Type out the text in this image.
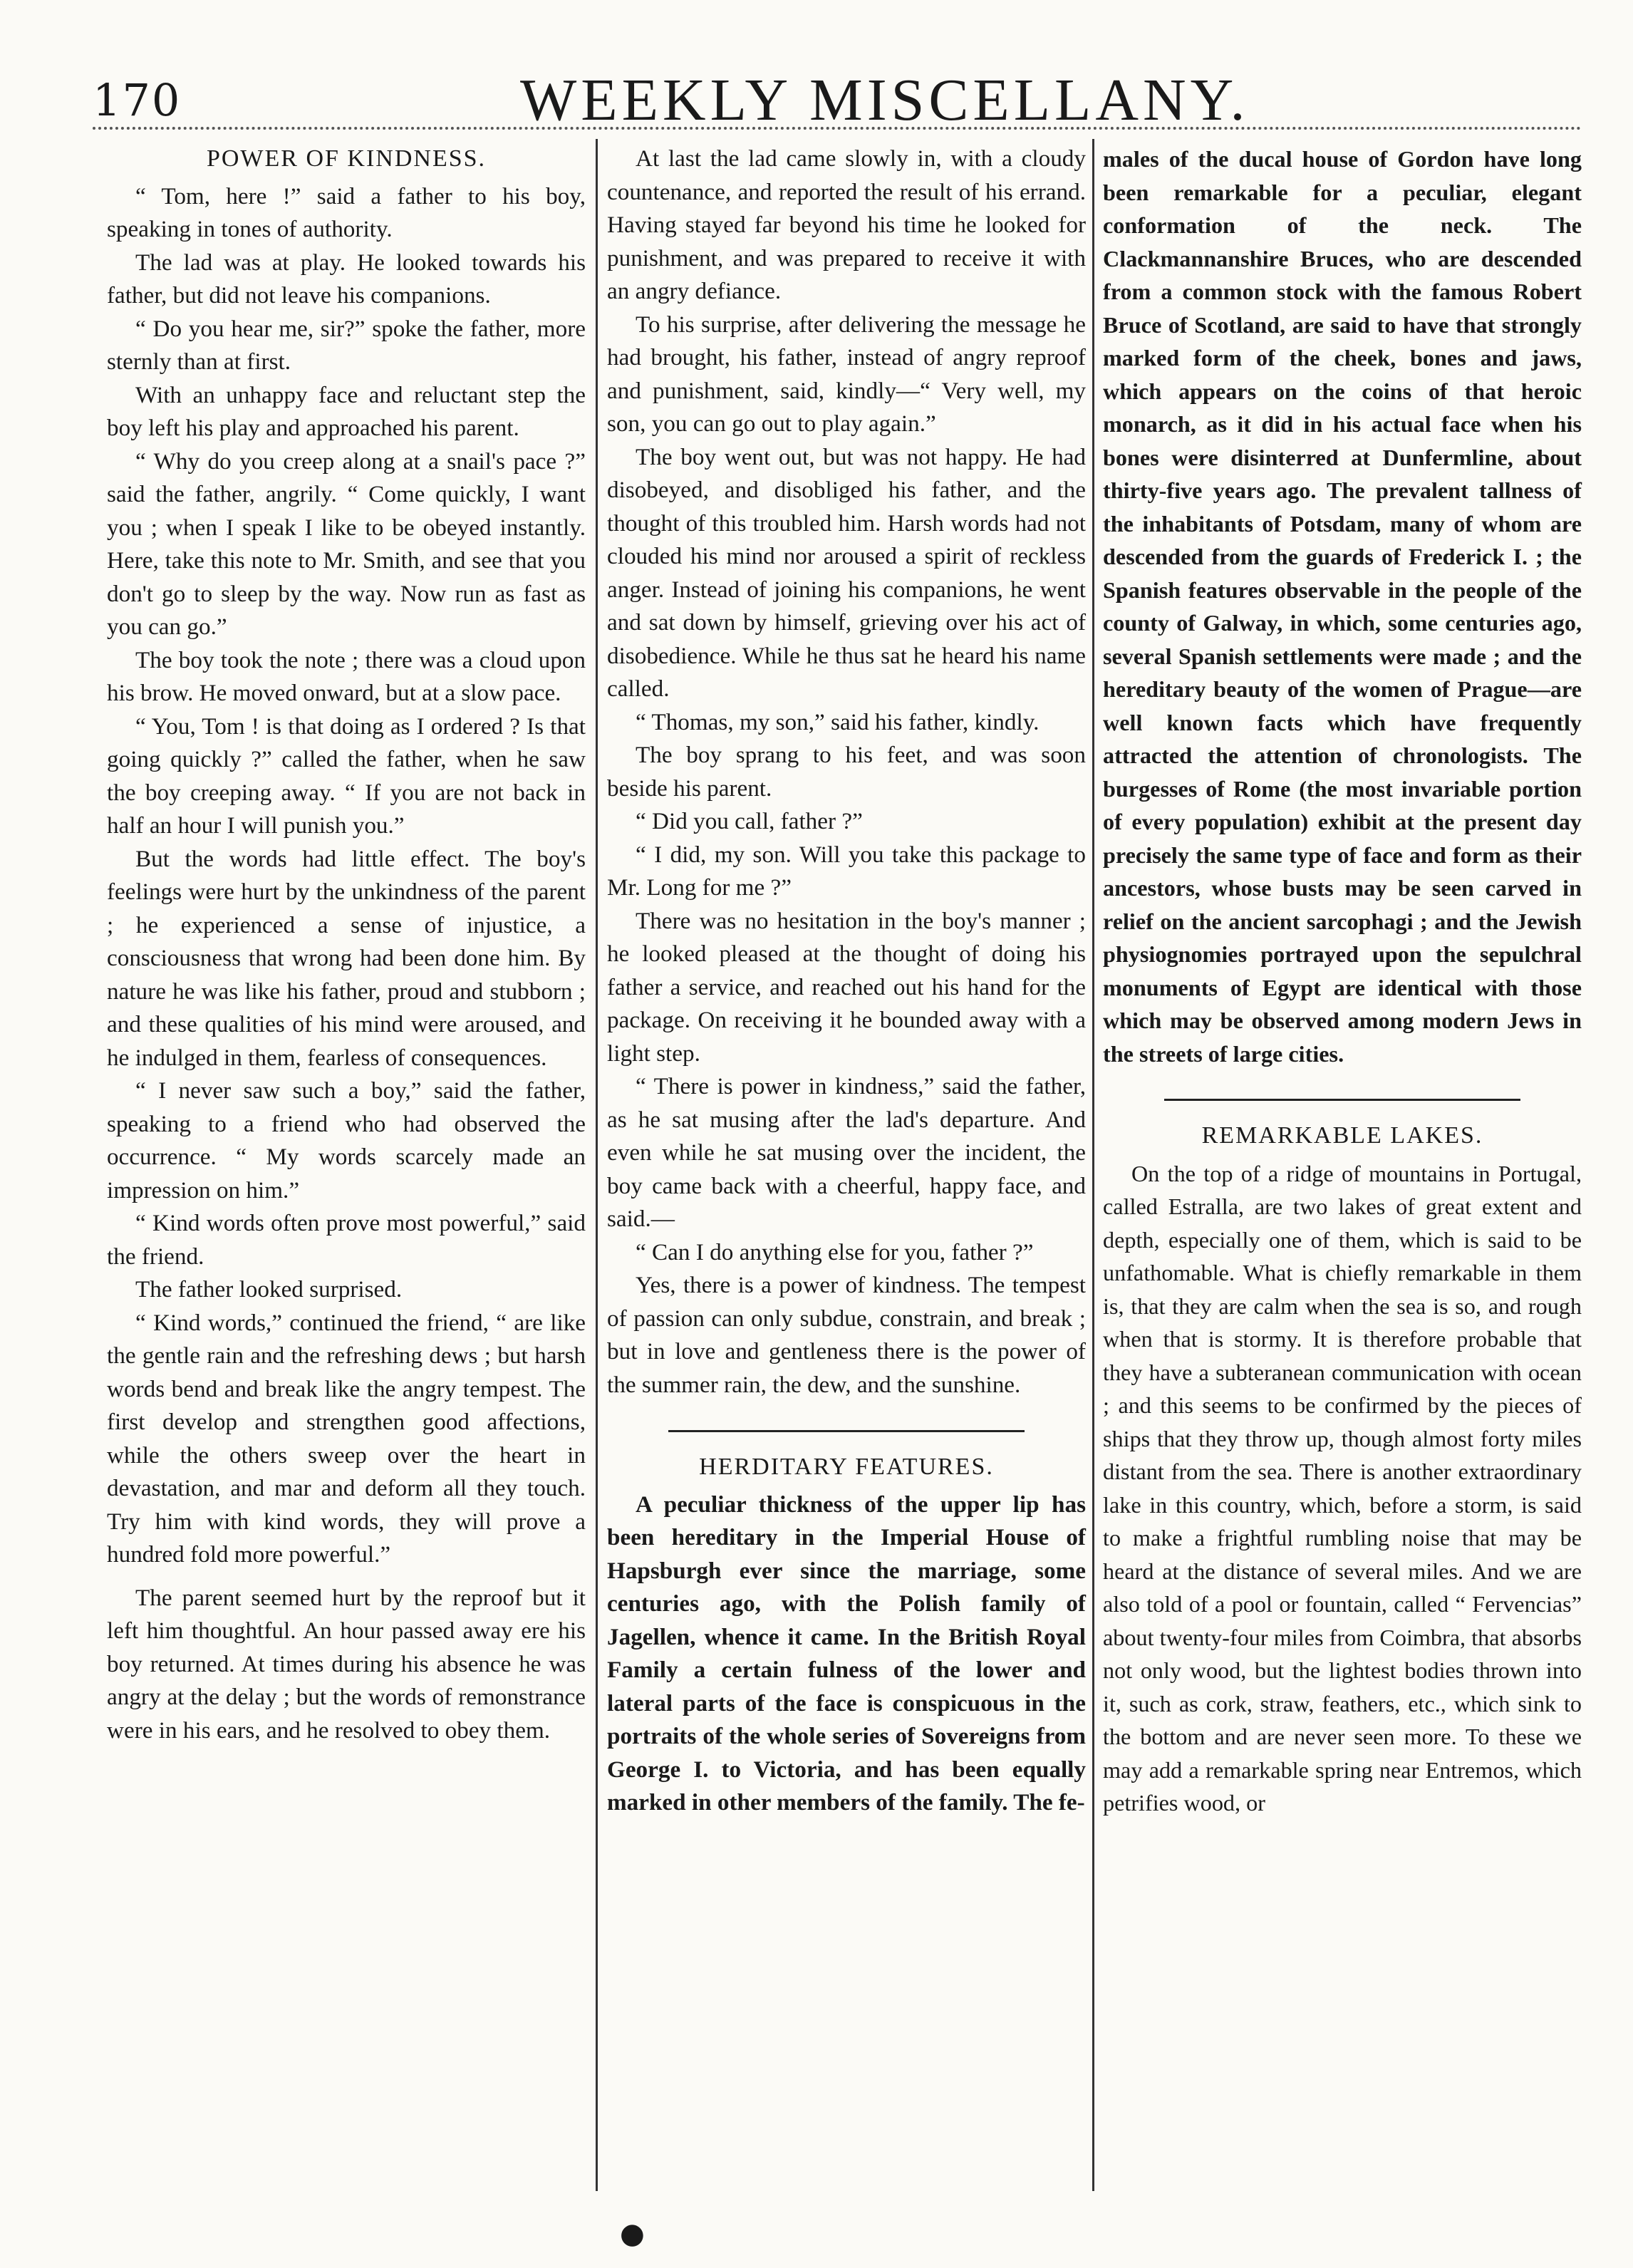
170	WEEKLY MISCELLANY.
POWER OF KINDNESS.

“ Tom, here !” said a father to his boy, speaking in tones of authority.

The lad was at play. He looked towards his father, but did not leave his companions.

“ Do you hear me, sir?” spoke the father, more sternly than at first.

With an unhappy face and reluctant step the boy left his play and approached his parent.

“ Why do you creep along at a snail's pace ?” said the father, angrily. “ Come quickly, I want you ; when I speak I like to be obeyed instantly. Here, take this note to Mr. Smith, and see that you don't go to sleep by the way. Now run as fast as you can go.”

The boy took the note ; there was a cloud upon his brow. He moved onward, but at a slow pace.

“ You, Tom ! is that doing as I ordered ? Is that going quickly ?” called the father, when he saw the boy creeping away. “ If you are not back in half an hour I will punish you.”

But the words had little effect. The boy's feelings were hurt by the unkindness of the parent ; he experienced a sense of injustice, a consciousness that wrong had been done him. By nature he was like his father, proud and stubborn ; and these qualities of his mind were aroused, and he indulged in them, fearless of consequences.

“ I never saw such a boy,” said the father, speaking to a friend who had observed the occurrence. “ My words scarcely made an impression on him.”

“ Kind words often prove most powerful,” said the friend.

The father looked surprised.

“ Kind words,” continued the friend, “ are like the gentle rain and the refreshing dews ; but harsh words bend and break like the angry tempest. The first develop and strengthen good affections, while the others sweep over the heart in devastation, and mar and deform all they touch. Try him with kind words, they will prove a hundred fold more powerful.”

The parent seemed hurt by the reproof but it left him thoughtful. An hour passed away ere his boy returned. At times during his absence he was angry at the delay ; but the words of remonstrance were in his ears, and he resolved to obey them.

At last the lad came slowly in, with a cloudy countenance, and reported the result of his errand. Having stayed far beyond his time he looked for punishment, and was prepared to receive it with an angry defiance.

To his surprise, after delivering the message he had brought, his father, instead of angry reproof and punishment, said, kindly—“ Very well, my son, you can go out to play again.”

The boy went out, but was not happy. He had disobeyed, and disobliged his father, and the thought of this troubled him. Harsh words had not clouded his mind nor aroused a spirit of reckless anger. Instead of joining his companions, he went and sat down by himself, grieving over his act of disobedience. While he thus sat he heard his name called.

“ Thomas, my son,” said his father, kindly.

The boy sprang to his feet, and was soon beside his parent.

“ Did you call, father ?”

“ I did, my son. Will you take this package to Mr. Long for me ?”

There was no hesitation in the boy's manner ; he looked pleased at the thought of doing his father a service, and reached out his hand for the package. On receiving it he bounded away with a light step.

“ There is power in kindness,” said the father, as he sat musing after the lad's departure. And even while he sat musing over the incident, the boy came back with a cheerful, happy face, and said.—

“ Can I do anything else for you, father ?”

Yes, there is a power of kindness. The tempest of passion can only subdue, constrain, and break ; but in love and gentleness there is the power of the summer rain, the dew, and the sunshine.

HERDITARY FEATURES.

A peculiar thickness of the upper lip has been hereditary in the Imperial House of Hapsburgh ever since the marriage, some centuries ago, with the Polish family of Jagellen, whence it came. In the British Royal Family a certain fulness of the lower and lateral parts of the face is conspicuous in the portraits of the whole series of Sovereigns from George I. to Victoria, and has been equally marked in other members of the family. The fe-

males of the ducal house of Gordon have long been remarkable for a peculiar, elegant conformation of the neck. The Clackmannanshire Bruces, who are descended from a common stock with the famous Robert Bruce of Scotland, are said to have that strongly marked form of the cheek, bones and jaws, which appears on the coins of that heroic monarch, as it did in his actual face when his bones were disinterred at Dunfermline, about thirty-five years ago. The prevalent tallness of the inhabitants of Potsdam, many of whom are descended from the guards of Frederick I. ; the Spanish features observable in the people of the county of Galway, in which, some centuries ago, several Spanish settlements were made ; and the hereditary beauty of the women of Prague—are well known facts which have frequently attracted the attention of chronologists. The burgesses of Rome (the most invariable portion of every population) exhibit at the present day precisely the same type of face and form as their ancestors, whose busts may be seen carved in relief on the ancient sarcophagi ; and the Jewish physiognomies portrayed upon the sepulchral monuments of Egypt are identical with those which may be observed among modern Jews in the streets of large cities.

REMARKABLE LAKES.

On the top of a ridge of mountains in Portugal, called Estralla, are two lakes of great extent and depth, especially one of them, which is said to be unfathomable. What is chiefly remarkable in them is, that they are calm when the sea is so, and rough when that is stormy. It is therefore probable that they have a subteranean communication with ocean ; and this seems to be confirmed by the pieces of ships that they throw up, though almost forty miles distant from the sea. There is another extraordinary lake in this country, which, before a storm, is said to make a frightful rumbling noise that may be heard at the distance of several miles. And we are also told of a pool or fountain, called “ Fervencias” about twenty-four miles from Coimbra, that absorbs not only wood, but the lightest bodies thrown into it, such as cork, straw, feathers, etc., which sink to the bottom and are never seen more. To these we may add a remarkable spring near Entremos, which petrifies wood, or

●
